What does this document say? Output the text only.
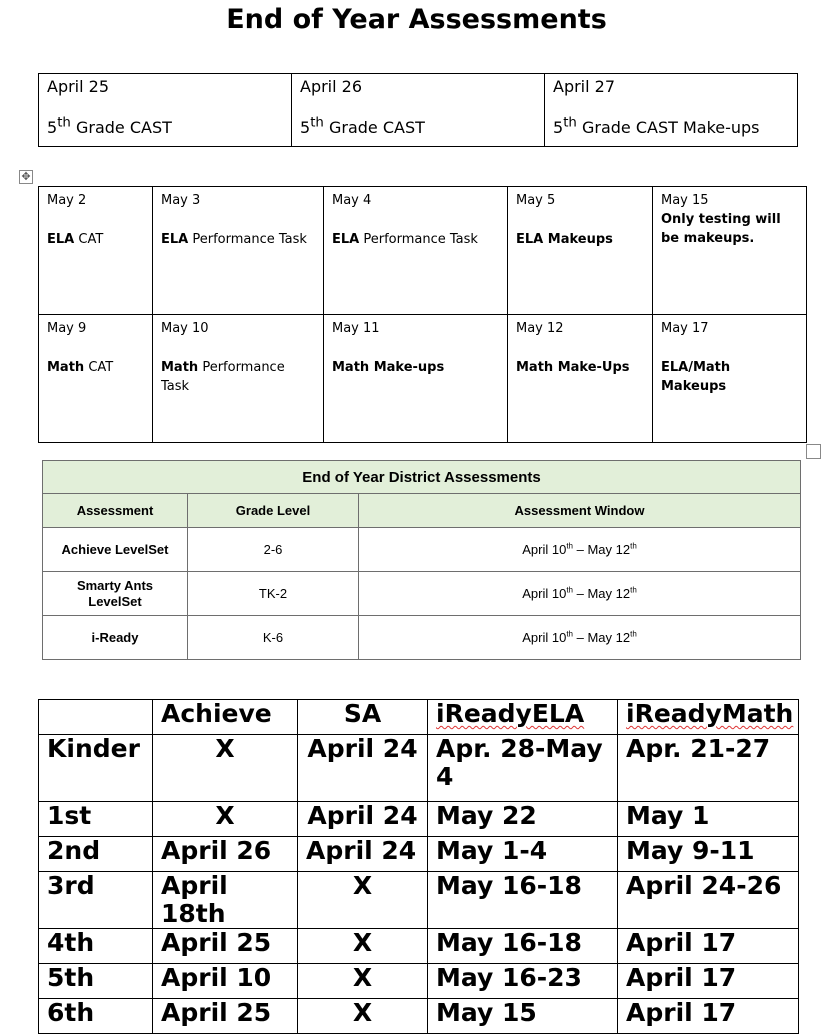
End of Year Assessments
April 25
5th Grade CAST

April 26
5th Grade CAST

April 27
5th Grade CAST Make-ups
✥
May 2
ELA CAT	May 3
ELA Performance Task	May 4
ELA Performance Task	May 5
ELA Makeups	May 15
Only testing will be makeups.

May 9
Math CAT	May 10
Math Performance Task	May 11
Math Make-ups	May 12
Math Make-Ups	May 17
ELA/Math Makeups
End of Year District Assessments		
Assessment	Grade Level	Assessment Window
Achieve LevelSet	2-6	April 10th – May 12th
Smarty Ants LevelSet	TK-2	April 10th – May 12th
i-Ready	K-6	April 10th – May 12th
	Achieve	SA	iReadyELA	iReadyMath
Kinder	X	April 24	Apr. 28-May 4	Apr. 21-27
1st	X	April 24	May 22	May 1
2nd	April 26	April 24	May 1-4	May 9-11
3rd	April 18th	X	May 16-18	April 24-26
4th	April 25	X	May 16-18	April 17
5th	April 10	X	May 16-23	April 17
6th	April 25	X	May 15	April 17
